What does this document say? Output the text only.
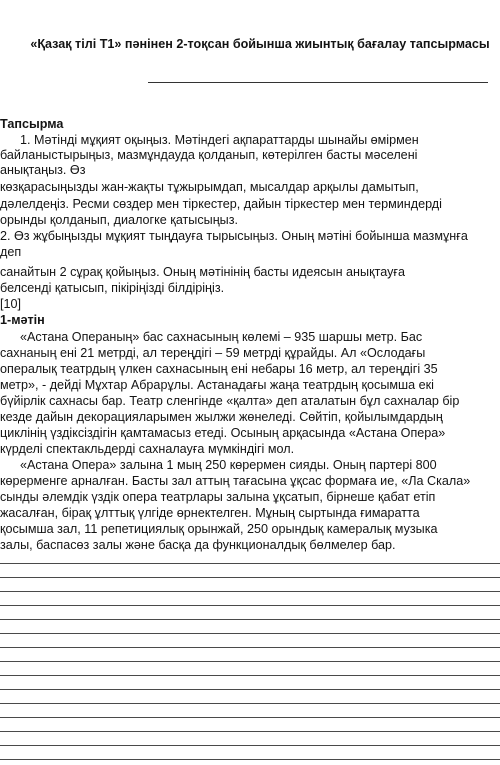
«Қазақ тілі Т1» пәнінен 2-тоқсан бойынша жиынтық бағалау тапсырмасы
Тапсырма
1. Мәтінді мұқият оқыңыз. Мәтіндегі ақпараттарды шынайы өмірмен
байланыстырыңыз, мазмұндауда қолданып, көтерілген басты мәселені
анықтаңыз. Өз
көзқарасыңызды жан-жақты тұжырымдап, мысалдар арқылы дамытып,
дәлелдеңіз. Ресми сөздер мен тіркестер, дайын тіркестер мен терминдерді
орынды қолданып, диалогке қатысыңыз.
2. Өз жұбыңызды мұқият тыңдауға тырысыңыз. Оның мәтіні бойынша мазмұнға
деп
санайтын 2 сұрақ қойыңыз. Оның мәтінінің басты идеясын анықтауға
белсенді қатысып, пікіріңізді білдіріңіз.
[10]
1-мәтін
«Астана Операның» бас сахнасының көлемі – 935 шаршы метр. Бас
сахнаның ені 21 метрді, ал тереңдігі – 59 метрді құрайды. Ал «Ослодағы
опералық театрдың үлкен сахнасының ені небары 16 метр, ал тереңдігі 35
метр», - дейді Мұхтар Абрарұлы. Астанадағы жаңа театрдың қосымша екі
бүйірлік сахнасы бар. Театр сленгінде «қалта» деп аталатын бұл сахналар бір
кезде дайын декорацияларымен жылжи жөнеледі. Сөйтіп, қойылымдардың
циклінің үздіксіздігін қамтамасыз етеді. Осының арқасында «Астана Опера»
күрделі спектакльдерді сахналауға мүмкіндігі мол.
«Астана Опера» залына 1 мың 250 көрермен сияды. Оның партері 800
көрерменге арналған. Басты зал аттың тағасына ұқсас формаға ие, «Ла Скала»
сынды әлемдік үздік опера театрлары залына ұқсатып, бірнеше қабат етіп
жасалған, бірақ ұлттық үлгіде өрнектелген. Мұның сыртында ғимаратта
қосымша зал, 11 репетициялық орынжай, 250 орындық камералық музыка
залы, баспасөз залы және басқа да функционалдық бөлмелер бар.
